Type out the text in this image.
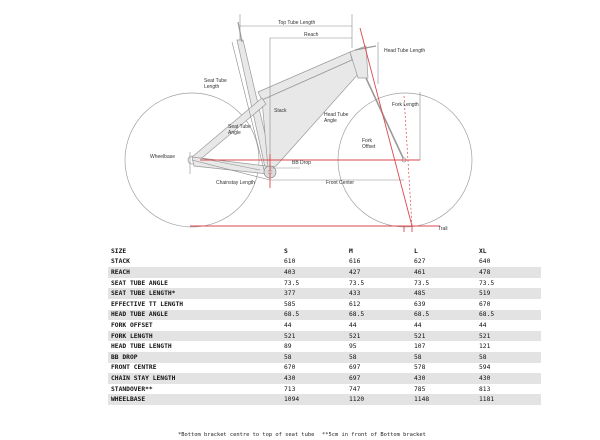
Top Tube Length
Reach
Head Tube Length
Seat Tube Length
Stack
Seat Tube Angle
Head Tube Angle
Fork Length
Fork Offset
Wheelbase
BB Drop
Chainstay Length	Front Center
Trail
SIZE	S	M	L	XL
STACK	610	616	627	640
REACH	403	427	461	478
SEAT TUBE ANGLE	73.5	73.5	73.5	73.5
SEAT TUBE LENGTH*	377	433	485	519
EFFECTIVE TT LENGTH	585	612	639	670
HEAD TUBE ANGLE	68.5	68.5	68.5	68.5
FORK OFFSET	44	44	44	44
FORK LENGTH	521	521	521	521
HEAD TUBE LENGTH	89	95	107	121
BB DROP	58	58	58	58
FRONT CENTRE	670	697	578	594
CHAIN STAY LENGTH	430	697	430	430
STANDOVER**	713	747	785	813
WHEELBASE	1094	1120	1148	1181
*Bottom bracket centre to top of seat tube **5cm in front of Bottom bracket
